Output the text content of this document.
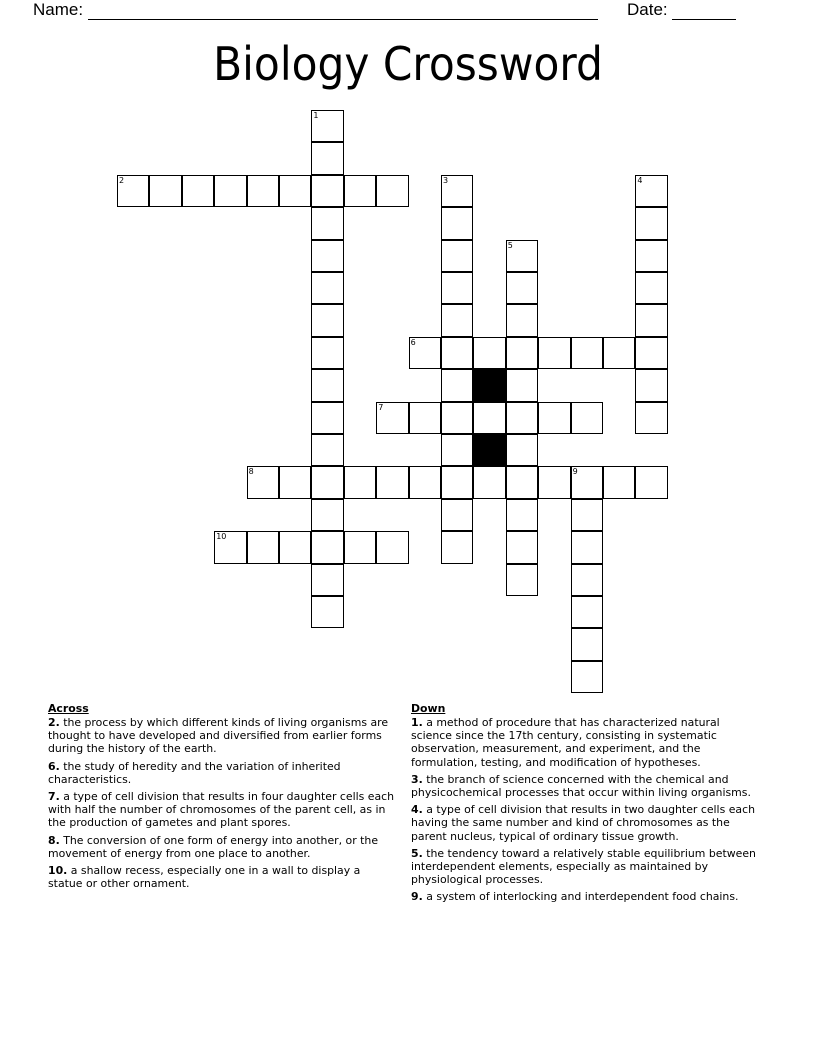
Name:	Date:
Biology Crossword
1
2	3	4
5
6
7
8	9
10
Across
2. the process by which different kinds of living organisms are thought to have developed and diversified from earlier forms during the history of the earth.
6. the study of heredity and the variation of inherited characteristics.
7. a type of cell division that results in four daughter cells each with half the number of chromosomes of the parent cell, as in the production of gametes and plant spores.
8. The conversion of one form of energy into another, or the movement of energy from one place to another.
10. a shallow recess, especially one in a wall to display a statue or other ornament.
Down
1. a method of procedure that has characterized natural science since the 17th century, consisting in systematic observation, measurement, and experiment, and the formulation, testing, and modification of hypotheses.
3. the branch of science concerned with the chemical and physicochemical processes that occur within living organisms.
4. a type of cell division that results in two daughter cells each having the same number and kind of chromosomes as the parent nucleus, typical of ordinary tissue growth.
5. the tendency toward a relatively stable equilibrium between interdependent elements, especially as maintained by physiological processes.
9. a system of interlocking and interdependent food chains.
